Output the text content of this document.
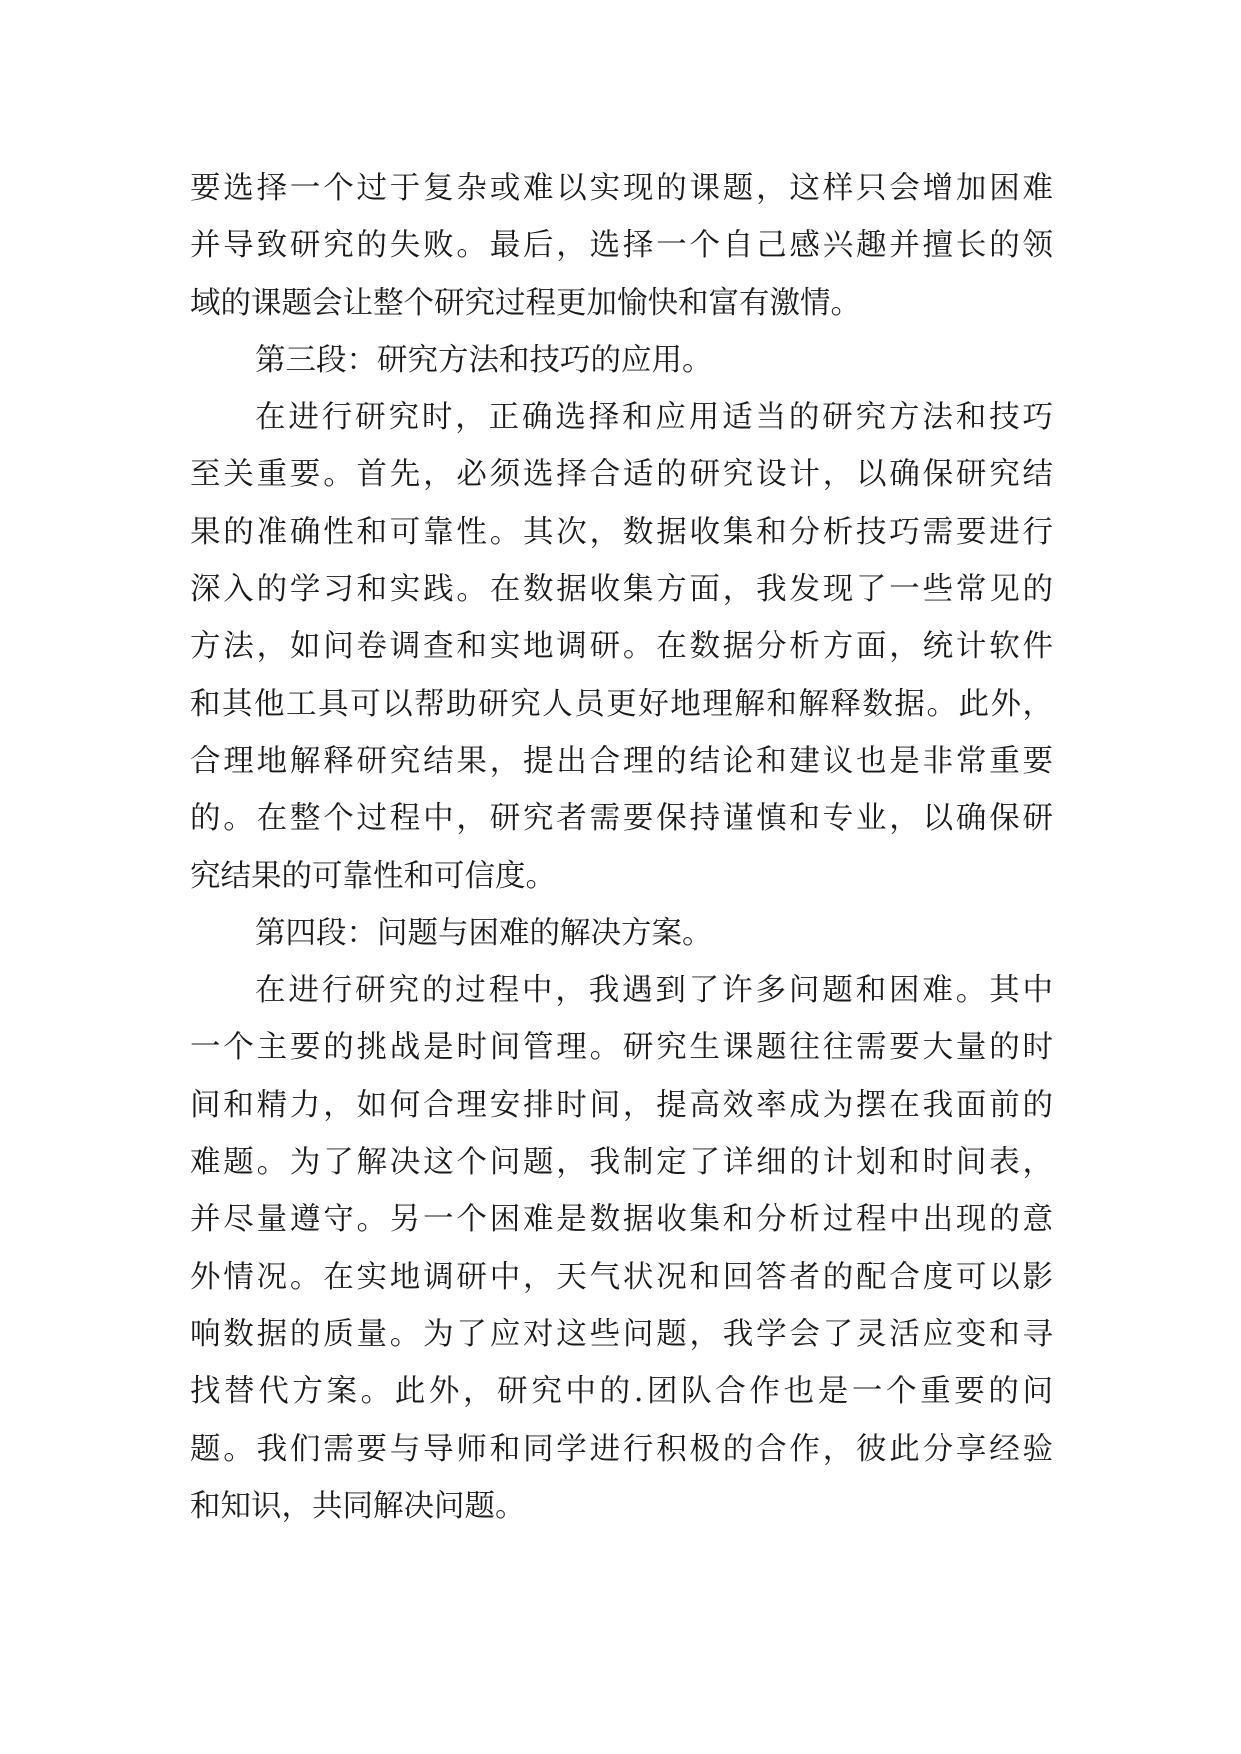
要选择一个过于复杂或难以实现的课题，这样只会增加困难
并导致研究的失败。最后，选择一个自己感兴趣并擅长的领
域的课题会让整个研究过程更加愉快和富有激情。
第三段：研究方法和技巧的应用。
在进行研究时，正确选择和应用适当的研究方法和技巧
至关重要。首先，必须选择合适的研究设计，以确保研究结
果的准确性和可靠性。其次，数据收集和分析技巧需要进行
深入的学习和实践。在数据收集方面，我发现了一些常见的
方法，如问卷调查和实地调研。在数据分析方面，统计软件
和其他工具可以帮助研究人员更好地理解和解释数据。此外，
合理地解释研究结果，提出合理的结论和建议也是非常重要
的。在整个过程中，研究者需要保持谨慎和专业，以确保研
究结果的可靠性和可信度。
第四段：问题与困难的解决方案。
在进行研究的过程中，我遇到了许多问题和困难。其中
一个主要的挑战是时间管理。研究生课题往往需要大量的时
间和精力，如何合理安排时间，提高效率成为摆在我面前的
难题。为了解决这个问题，我制定了详细的计划和时间表，
并尽量遵守。另一个困难是数据收集和分析过程中出现的意
外情况。在实地调研中，天气状况和回答者的配合度可以影
响数据的质量。为了应对这些问题，我学会了灵活应变和寻
找替代方案。此外，研究中的.团队合作也是一个重要的问
题。我们需要与导师和同学进行积极的合作，彼此分享经验
和知识，共同解决问题。
